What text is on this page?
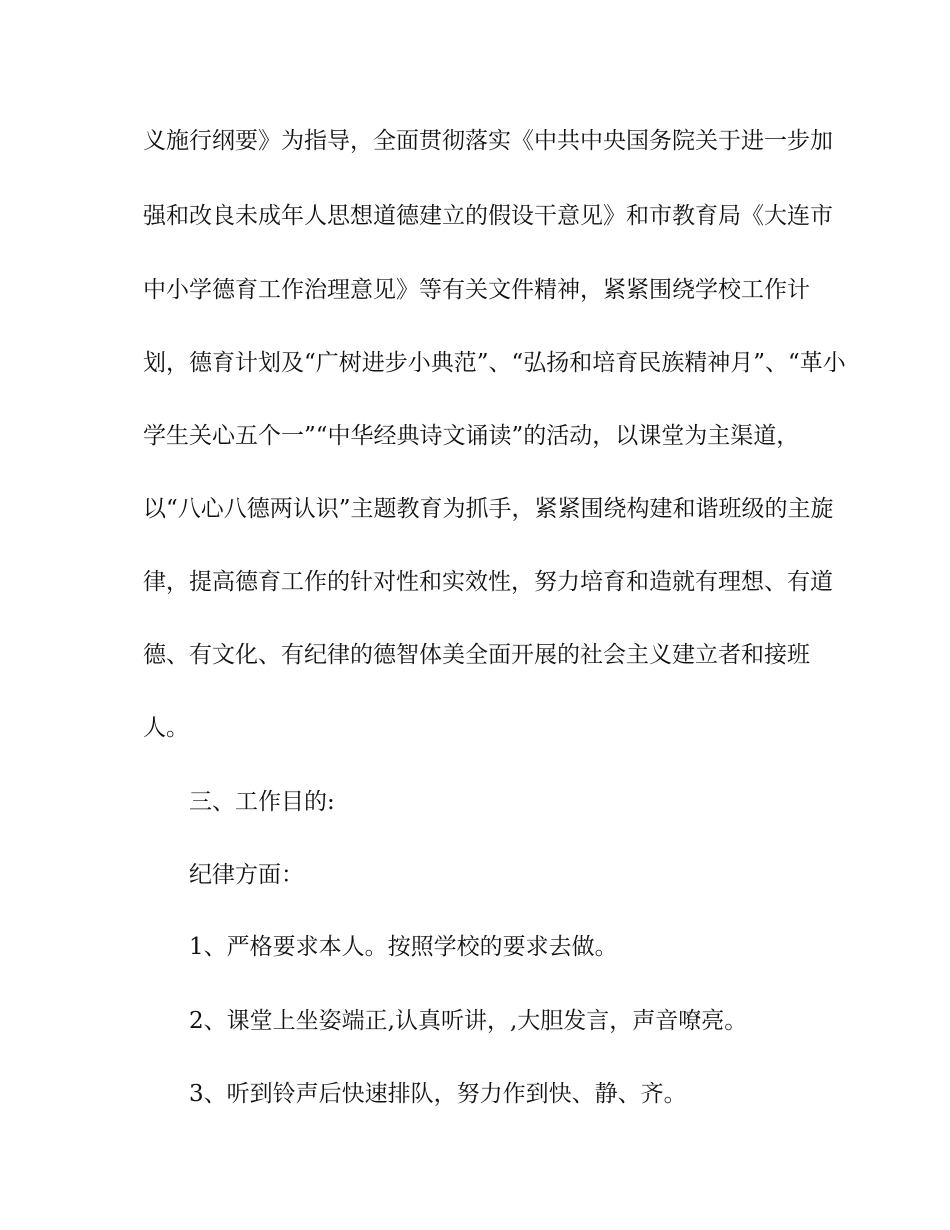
义施行纲要》为指导，全面贯彻落实《中共中央国务院关于进一步加
强和改良未成年人思想道德建立的假设干意见》和市教育局《大连市
中小学德育工作治理意见》等有关文件精神，紧紧围绕学校工作计
划，德育计划及“广树进步小典范”、“弘扬和培育民族精神月”、“革小
学生关心五个一”“中华经典诗文诵读”的活动，以课堂为主渠道，
以“八心八德两认识”主题教育为抓手，紧紧围绕构建和谐班级的主旋
律，提高德育工作的针对性和实效性，努力培育和造就有理想、有道
德、有文化、有纪律的德智体美全面开展的社会主义建立者和接班
人。
三、工作目的:
纪律方面：
1、严格要求本人。按照学校的要求去做。
2、课堂上坐姿端正,认真听讲，,大胆发言，声音嘹亮。
3、听到铃声后快速排队，努力作到快、静、齐。
